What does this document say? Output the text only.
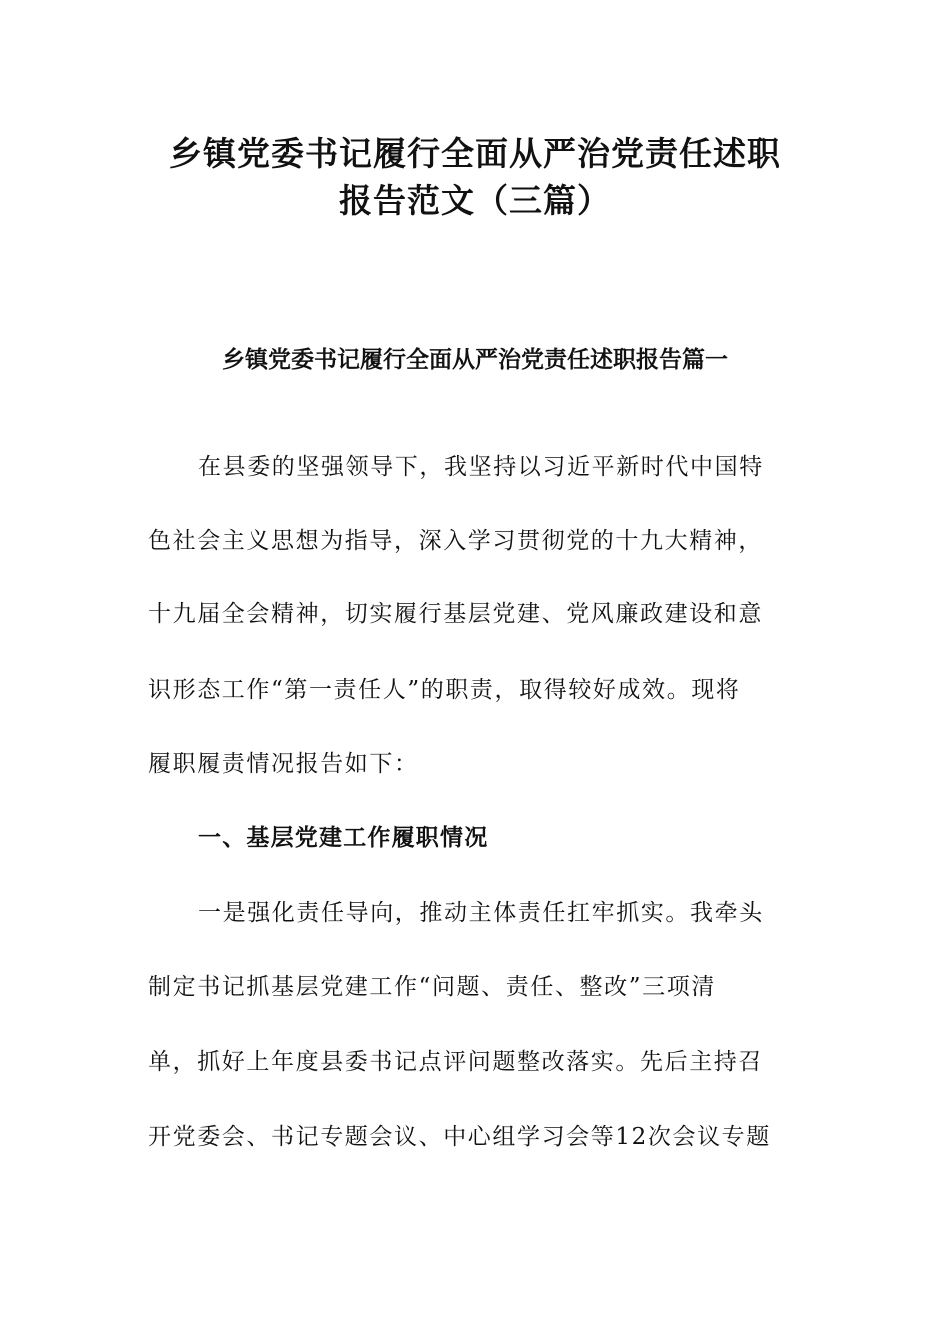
乡镇党委书记履行全面从严治党责任述职
报告范文（三篇）
乡镇党委书记履行全面从严治党责任述职报告篇一
在县委的坚强领导下，我坚持以习近平新时代中国特
色社会主义思想为指导，深入学习贯彻党的十九大精神，
十九届全会精神，切实履行基层党建、党风廉政建设和意
识形态工作“第一责任人”的职责，取得较好成效。现将
履职履责情况报告如下：
一、基层党建工作履职情况
一是强化责任导向，推动主体责任扛牢抓实。我牵头
制定书记抓基层党建工作“问题、责任、整改”三项清
单，抓好上年度县委书记点评问题整改落实。先后主持召
开党委会、书记专题会议、中心组学习会等12次会议专题
